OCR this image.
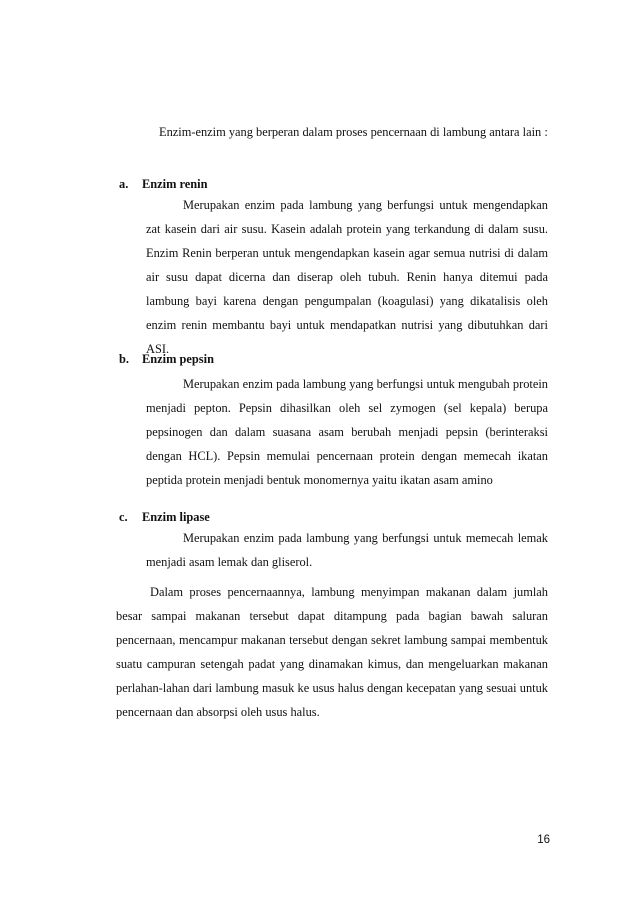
Enzim-enzim yang berperan dalam proses pencernaan di lambung antara lain :

a. Enzim renin

Merupakan enzim pada lambung yang berfungsi untuk mengendapkan zat kasein dari air susu. Kasein adalah protein yang terkandung di dalam susu. Enzim Renin berperan untuk mengendapkan kasein agar semua nutrisi di dalam air susu dapat dicerna dan diserap oleh tubuh. Renin hanya ditemui pada lambung bayi karena dengan pengumpalan (koagulasi) yang dikatalisis oleh enzim renin membantu bayi untuk mendapatkan nutrisi yang dibutuhkan dari ASI.

b. Enzim pepsin

Merupakan enzim pada lambung yang berfungsi untuk mengubah protein menjadi pepton. Pepsin dihasilkan oleh sel zymogen (sel kepala) berupa pepsinogen dan dalam suasana asam berubah menjadi pepsin (berinteraksi dengan HCL). Pepsin memulai pencernaan protein dengan memecah ikatan peptida protein menjadi bentuk monomernya yaitu ikatan asam amino

c. Enzim lipase

Merupakan enzim pada lambung yang berfungsi untuk memecah lemak menjadi asam lemak dan gliserol.

Dalam proses pencernaannya, lambung menyimpan makanan dalam jumlah besar sampai makanan tersebut dapat ditampung pada bagian bawah saluran pencernaan, mencampur makanan tersebut dengan sekret lambung sampai membentuk suatu campuran setengah padat yang dinamakan kimus, dan mengeluarkan makanan perlahan-lahan dari lambung masuk ke usus halus dengan kecepatan yang sesuai untuk pencernaan dan absorpsi oleh usus halus.

16
